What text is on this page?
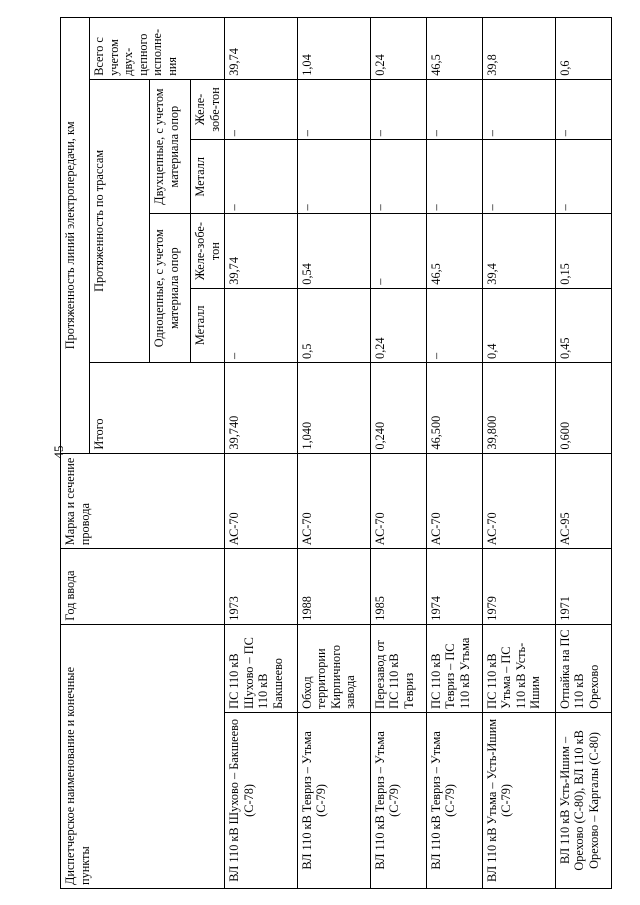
45
Диспетчерское наименование и конечные пункты		Год ввода	Марка и сечение провода	Протяженность линий электропередачи, км					
				Итого	Протяженность по трассам				Всего с учетом двух-цепного исполне-ния
					Одноцепные, с учетом материала опор		Двухцепные, с учетом материала опор		
					Металл	Желе-зобе-тон	Металл	Желе-зобе-тон	
ВЛ 110 кВ Шухово – Бакшеево (С-78)	ПС 110 кВ Шухово – ПС 110 кВ Бакшеево	1973	АС-70	39,740	–	39,74	–	–	39,74
ВЛ 110 кВ Тевриз – Утьма (С-79)	Обход территории Кирпичного завода	1988	АС-70	1,040	0,5	0,54	–	–	1,04
ВЛ 110 кВ Тевриз – Утьма (С-79)	Перезавод от ПС 110 кВ Тевриз	1985	АС-70	0,240	0,24	–	–	–	0,24
ВЛ 110 кВ Тевриз – Утьма (С-79)	ПС 110 кВ Тевриз – ПС 110 кВ Утьма	1974	АС-70	46,500	–	46,5	–	–	46,5
ВЛ 110 кВ Утьма – Усть-Ишим (С-79)	ПС 110 кВ Утьма – ПС 110 кВ Усть-Ишим	1979	АС-70	39,800	0,4	39,4	–	–	39,8
ВЛ 110 кВ Усть-Ишим – Орехово (С-80), ВЛ 110 кВ Орехово – Каргалы (С-80)	Отпайка на ПС 110 кВ Орехово	1971	АС-95	0,600	0,45	0,15	–	–	0,6
